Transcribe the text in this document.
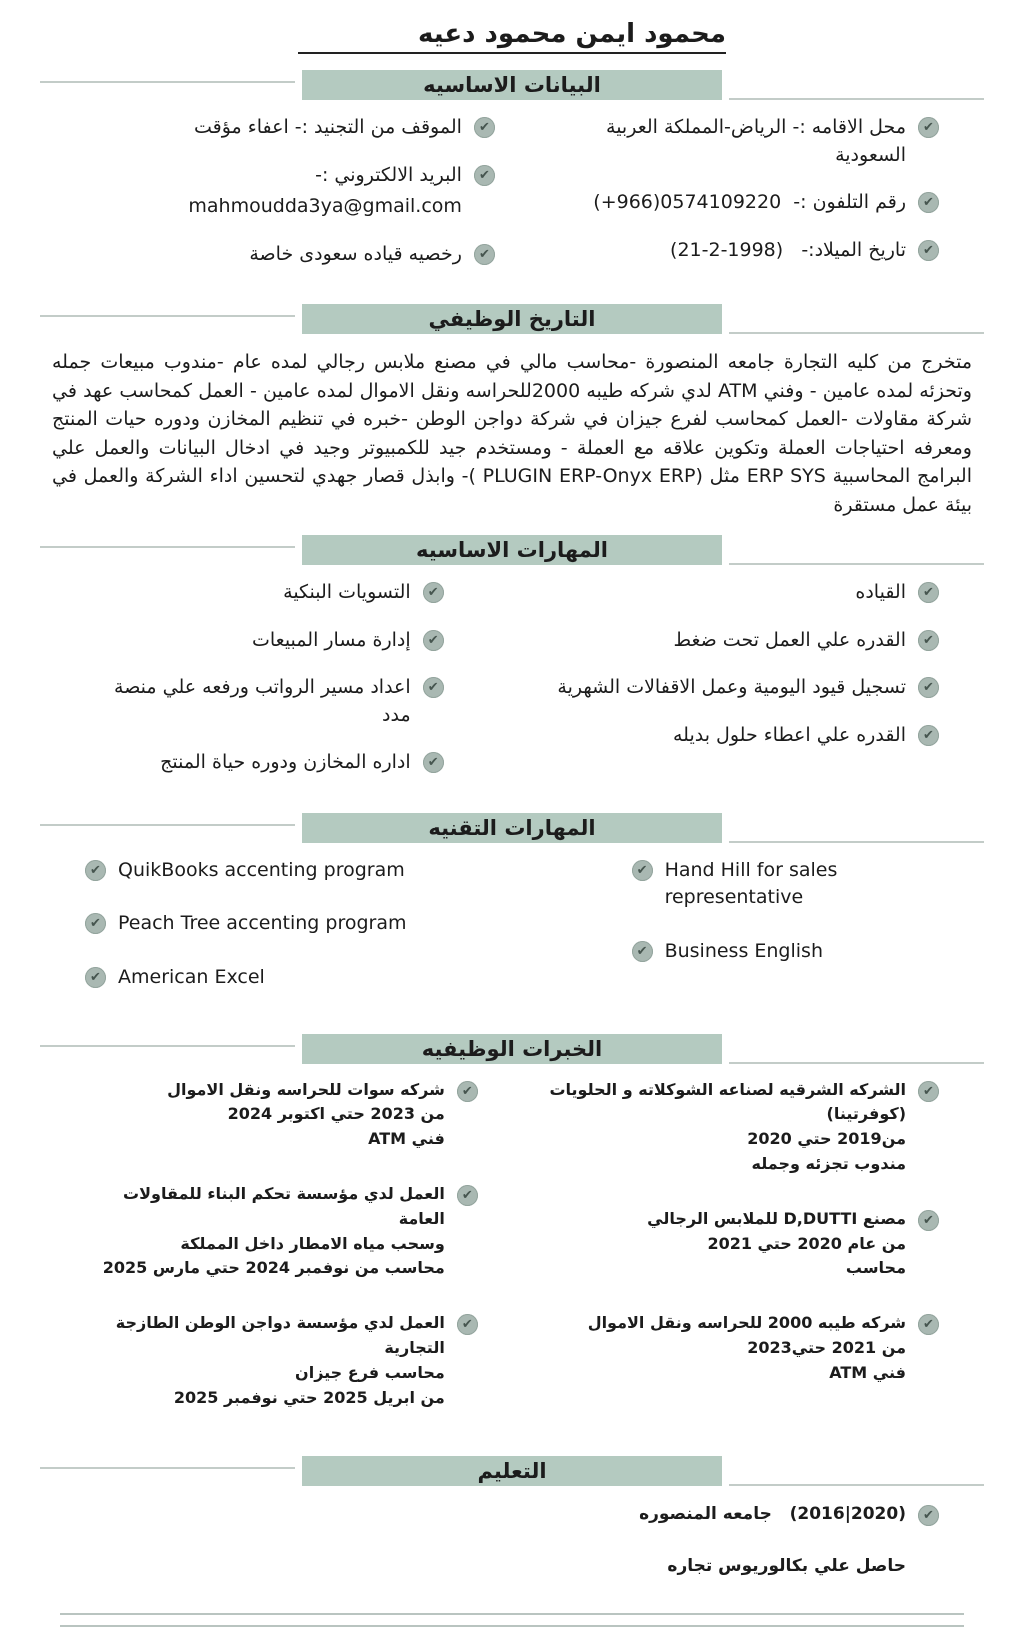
محمود ايمن محمود دعيه
البيانات الاساسيه
✔
محل الاقامه :- الرياض-المملكة العربية السعودية
✔
رقم التلفون :-  (+966)0574109220
✔
تاريخ الميلاد:-   (21-2-1998)
✔
الموقف من التجنيد :- اعفاء مؤقت
✔
البريد الالكتروني :- mahmoudda3ya@gmail.com
✔
رخصيه قياده سعودى خاصة
التاريخ الوظيفي

متخرج من كليه التجارة جامعه المنصورة -محاسب مالي في مصنع ملابس رجالي لمده عام -مندوب مبيعات جمله وتحزئه لمده عامين - وفني ATM لدي شركه طيبه 2000للحراسه ونقل الاموال لمده عامين - العمل كمحاسب عهد في شركة مقاولات -العمل كمحاسب لفرع جيزان في شركة دواجن الوطن -خبره في تنظيم المخازن ودوره حيات المنتج ومعرفه احتياجات العملة وتكوين علاقه مع العملة - ومستخدم جيد للكمبيوتر وجيد في ادخال البيانات والعمل علي البرامج المحاسبية ERP SYS مثل (PLUGIN ERP-Onyx ERP )- وابذل قصار جهدي لتحسين اداء الشركة والعمل في بيئة عمل مستقرة

المهارات الاساسيه
✔
القياده
✔
القدره علي العمل تحت ضغط
✔
تسجيل قيود اليومية وعمل الاقفالات الشهرية
✔
القدره علي اعطاء حلول بديله
✔
التسويات البنكية
✔
إدارة مسار المبيعات
✔
اعداد مسير الرواتب ورفعه علي منصة مدد
✔
اداره المخازن ودوره حياة المنتج
المهارات التقنيه
✔ QuikBooks accenting program
✔ Peach Tree accenting program
✔ American Excel
✔ Hand Hill for sales representative
✔ Business English
الخبرات الوظيفيه
✔
الشركه الشرقيه لصناعه الشوكلاته و الحلويات (كوفرتينا)
من2019 حتي 2020
مندوب تجزئه وجمله
✔
مصنع D,DUTTI للملابس الرجالي
من عام 2020 حتي 2021
محاسب
✔
شركه طيبه 2000 للحراسه ونقل الاموال
من 2021 حتي2023
فني ATM
✔
شركه سوات للحراسه ونقل الاموال
من 2023 حتي اكتوبر 2024
فني ATM
✔
العمل لدي مؤسسة تحكم البناء للمقاولات العامة
وسحب مياه الامطار داخل المملكة
محاسب من نوفمبر 2024 حتي مارس 2025
✔
العمل لدي مؤسسة دواجن الوطن الطازجة التجارية
محاسب فرع جيزان
من ابريل 2025 حتي نوفمبر 2025
التعليم
✔
(2016|2020)   جامعه المنصوره
حاصل علي بكالوريوس تجاره
